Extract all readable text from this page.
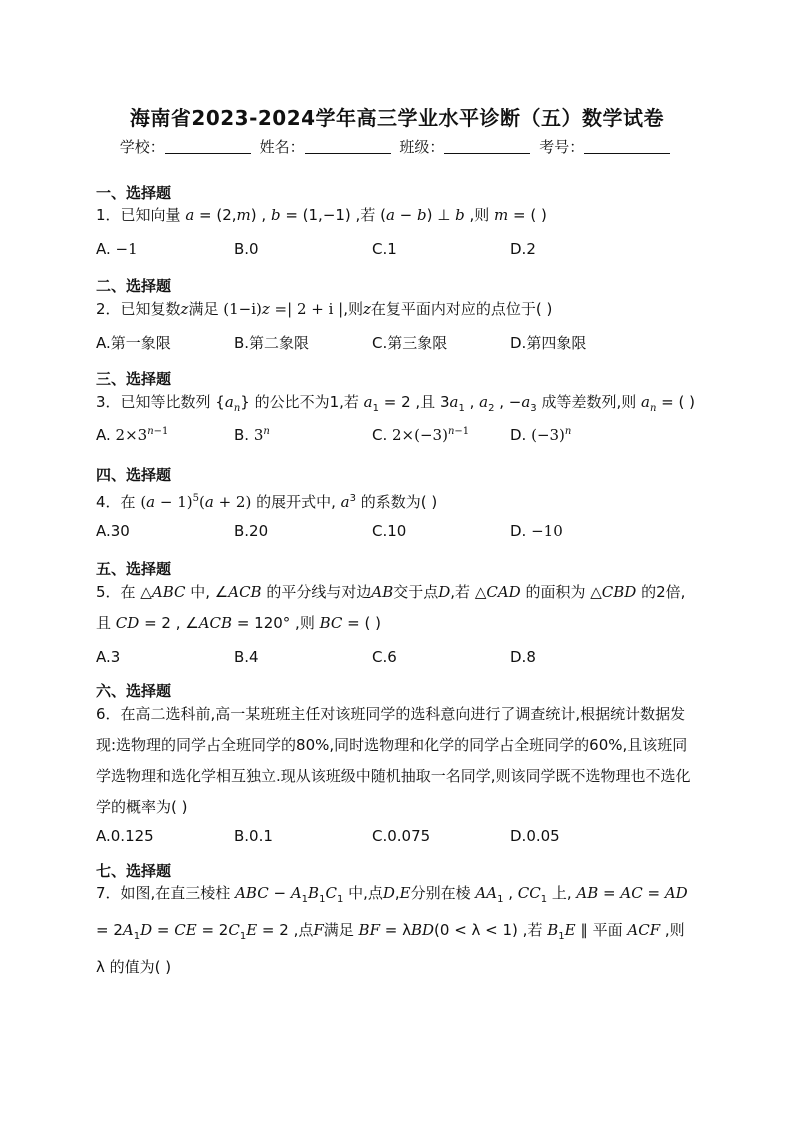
海南省2023-2024学年高三学业水平诊断（五）数学试卷
学校：	姓名：	班级：	考号：
一、选择题
1．已知向量 a = (2,m) , b = (1,−1) ,若 (a − b) ⊥ b ,则 m = ( )
A. −1	B.0	C.1	D.2
二、选择题
2．已知复数z满足 (1−i)z =| 2 + i |,则z在复平面内对应的点位于( )
A.第一象限	B.第二象限	C.第三象限	D.第四象限
三、选择题
3．已知等比数列 $\{a_n\}$ 的公比不为1,若 $a_1 = 2$ ,且 $3a_1$ , $a_2$ , $-a_3$ 成等差数列,则 $a_n$ = ( )
A. $2\times 3^{n-1}$	B. 3$^n$	C. $2\times(-3)^{n-1}$	D. $(-3)^n$
四、选择题
4．在 $(a - 1)^5(a + 2)$ 的展开式中, $a^3$ 的系数为( )
A.30	B.20	C.10	D. −10
五、选择题
5．在 △ABC 中, ∠ACB 的平分线与对边AB交于点D,若 △CAD 的面积为 △CBD 的2倍,且 CD = 2 , ∠ACB = 120° ,则 BC = ( )
A.3	B.4	C.6	D.8
六、选择题
6．在高二选科前,高一某班班主任对该班同学的选科意向进行了调查统计,根据统计数据发现:选物理的同学占全班同学的80%,同时选物理和化学的同学占全班同学的60%,且该班同学选物理和选化学相互独立.现从该班级中随机抽取一名同学,则该同学既不选物理也不选化学的概率为( )
A.0.125	B.0.1	C.0.075	D.0.05
七、选择题
7．如图,在直三棱柱 ABC − $A_1B_1C_1$ 中,点D,E分别在棱 $AA_1$ , $CC_1$ 上, AB = AC = AD = $2A_1D$ = CE = $2C_1E = 2$ ,点F满足 BF = λBD(0 < λ < 1) ,若 $B_1E$ ∥ 平面 ACF ,则 λ 的值为( )
